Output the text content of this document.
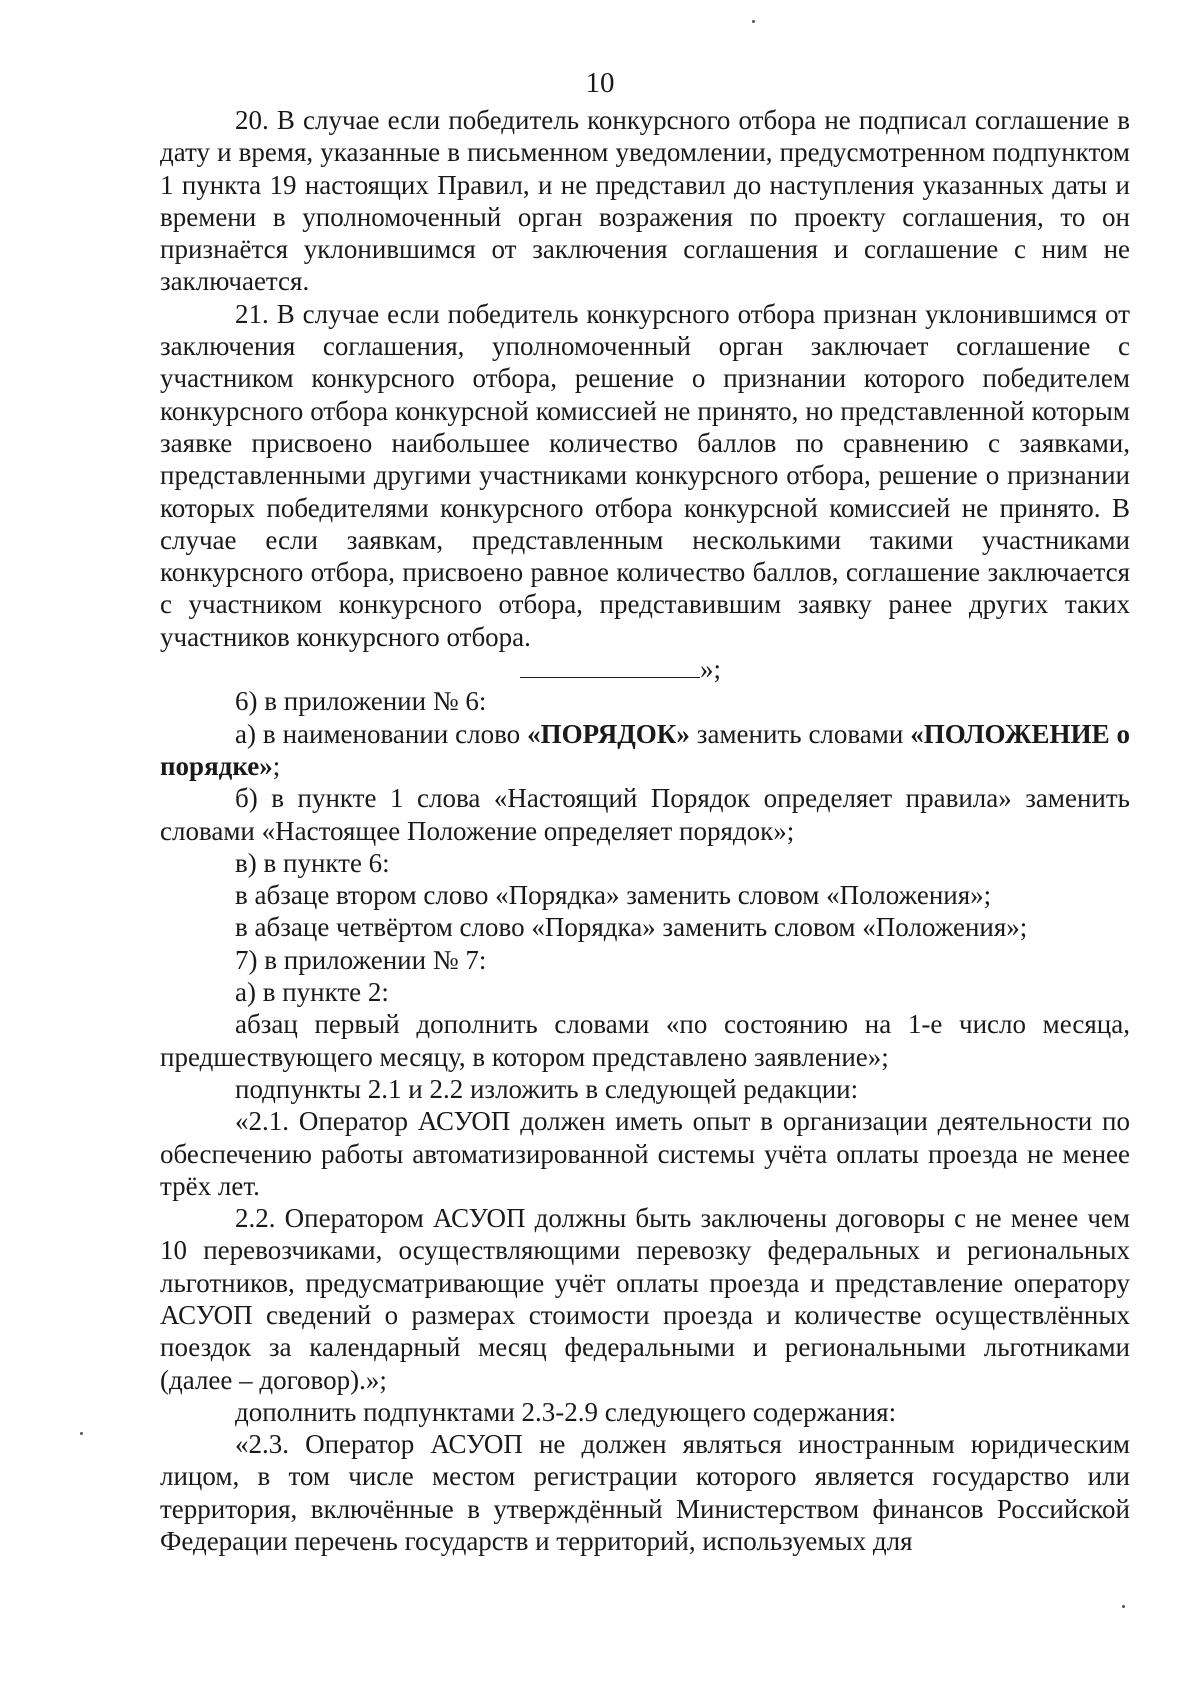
10

20. В случае если победитель конкурсного отбора не подписал соглашение в дату и время, указанные в письменном уведомлении, предусмотренном подпунктом 1 пункта 19 настоящих Правил, и не представил до наступления указанных даты и времени в уполномоченный орган возражения по проекту соглашения, то он признаётся уклонившимся от заключения соглашения и соглашение с ним не заключается.

21. В случае если победитель конкурсного отбора признан уклонившимся от заключения соглашения, уполномоченный орган заключает соглашение с участником конкурсного отбора, решение о признании которого победителем конкурсного отбора конкурсной комиссией не принято, но представленной которым заявке присвоено наибольшее количество баллов по сравнению с заявками, представленными другими участниками конкурсного отбора, решение о признании которых победителями конкурсного отбора конкурсной комиссией не принято. В случае если заявкам, представленным несколькими такими участниками конкурсного отбора, присвоено равное количество баллов, соглашение заключается с участником конкурсного отбора, представившим заявку ранее других таких участников конкурсного отбора.

»;

6) в приложении № 6:

а) в наименовании слово «ПОРЯДОК» заменить словами «ПОЛОЖЕНИЕ о порядке»;

б) в пункте 1 слова «Настоящий Порядок определяет правила» заменить словами «Настоящее Положение определяет порядок»;

в) в пункте 6:

в абзаце втором слово «Порядка» заменить словом «Положения»;

в абзаце четвёртом слово «Порядка» заменить словом «Положения»;

7) в приложении № 7:

а) в пункте 2:

абзац первый дополнить словами «по состоянию на 1-е число месяца, предшествующего месяцу, в котором представлено заявление»;

подпункты 2.1 и 2.2 изложить в следующей редакции:

«2.1. Оператор АСУОП должен иметь опыт в организации деятельности по обеспечению работы автоматизированной системы учёта оплаты проезда не менее трёх лет.

2.2. Оператором АСУОП должны быть заключены договоры с не менее чем 10 перевозчиками, осуществляющими перевозку федеральных и региональных льготников, предусматривающие учёт оплаты проезда и представление оператору АСУОП сведений о размерах стоимости проезда и количестве осуществлённых поездок за календарный месяц федеральными и региональными льготниками (далее – договор).»;

дополнить подпунктами 2.3-2.9 следующего содержания:

«2.3. Оператор АСУОП не должен являться иностранным юридическим лицом, в том числе местом регистрации которого является государство или территория, включённые в утверждённый Министерством финансов Российской Федерации перечень государств и территорий, используемых для
